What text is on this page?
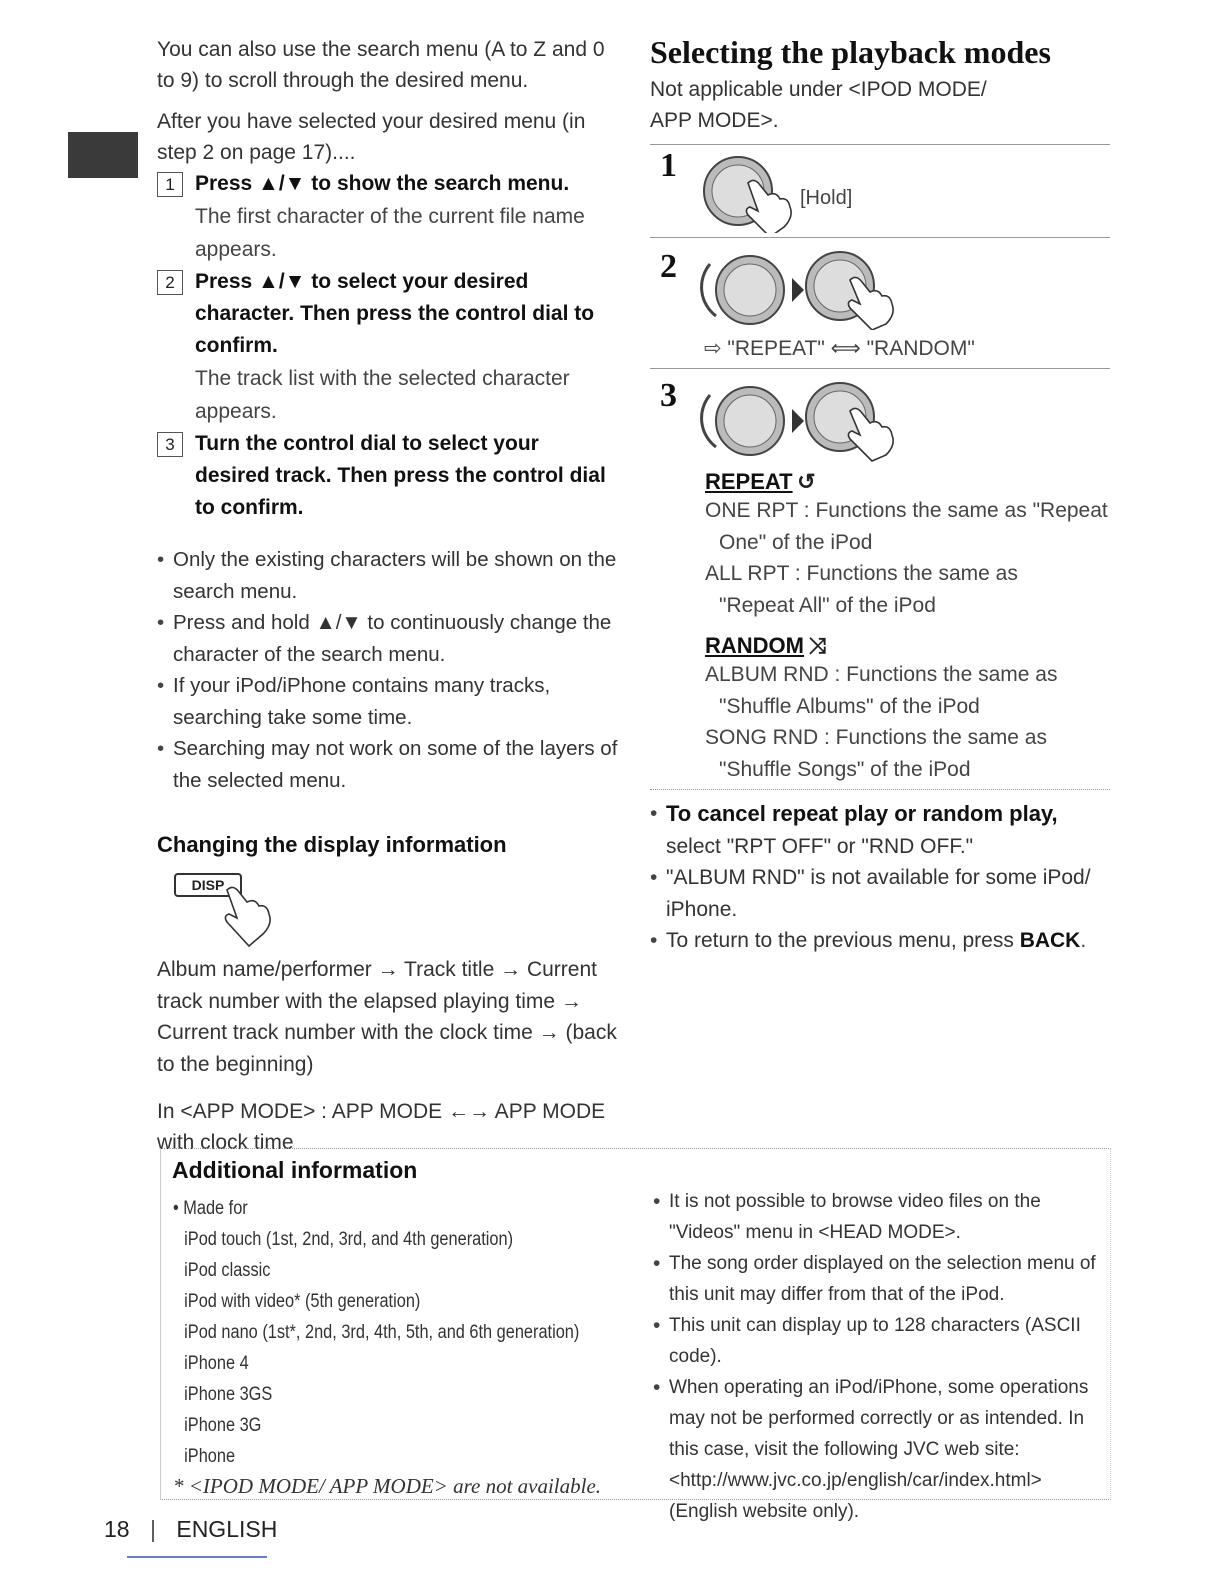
You can also use the search menu (A to Z and 0 to 9) to scroll through the desired menu.
After you have selected your desired menu (in step 2 on page 17)....
1 Press ▲/▼ to show the search menu.
The first character of the current file name appears.
2 Press ▲/▼ to select your desired character. Then press the control dial to confirm.
The track list with the selected character appears.
3 Turn the control dial to select your desired track. Then press the control dial to confirm.
• Only the existing characters will be shown on the search menu.
• Press and hold ▲/▼ to continuously change the character of the search menu.
• If your iPod/iPhone contains many tracks, searching take some time.
• Searching may not work on some of the layers of the selected menu.
Changing the display information
DISP
Album name/performer → Track title → Current track number with the elapsed playing time → Current track number with the clock time → (back to the beginning)
In <APP MODE> : APP MODE ←→ APP MODE with clock time
Selecting the playback modes
Not applicable under <IPOD MODE/ APP MODE>.
1
[Hold]
2
⇨ "REPEAT" ⟺ "RANDOM"
3
REPEAT ↺
ONE RPT : Functions the same as "Repeat
One" of the iPod
ALL RPT : Functions the same as
"Repeat All" of the iPod
RANDOM ⤨
ALBUM RND : Functions the same as
"Shuffle Albums" of the iPod
SONG RND : Functions the same as
"Shuffle Songs" of the iPod
• To cancel repeat play or random play,
select "RPT OFF" or "RND OFF."
• "ALBUM RND" is not available for some iPod/ iPhone.
• To return to the previous menu, press BACK.
Additional information
• Made for
iPod touch (1st, 2nd, 3rd, and 4th generation)
iPod classic
iPod with video* (5th generation)
iPod nano (1st*, 2nd, 3rd, 4th, 5th, and 6th generation)
iPhone 4
iPhone 3GS
iPhone 3G
iPhone
* <IPOD MODE/ APP MODE> are not available.
• It is not possible to browse video files on the "Videos" menu in <HEAD MODE>.
• The song order displayed on the selection menu of this unit may differ from that of the iPod.
• This unit can display up to 128 characters (ASCII code).
• When operating an iPod/iPhone, some operations may not be performed correctly or as intended. In this case, visit the following JVC web site: <http://www.jvc.co.jp/english/car/index.html> (English website only).
18 | ENGLISH
